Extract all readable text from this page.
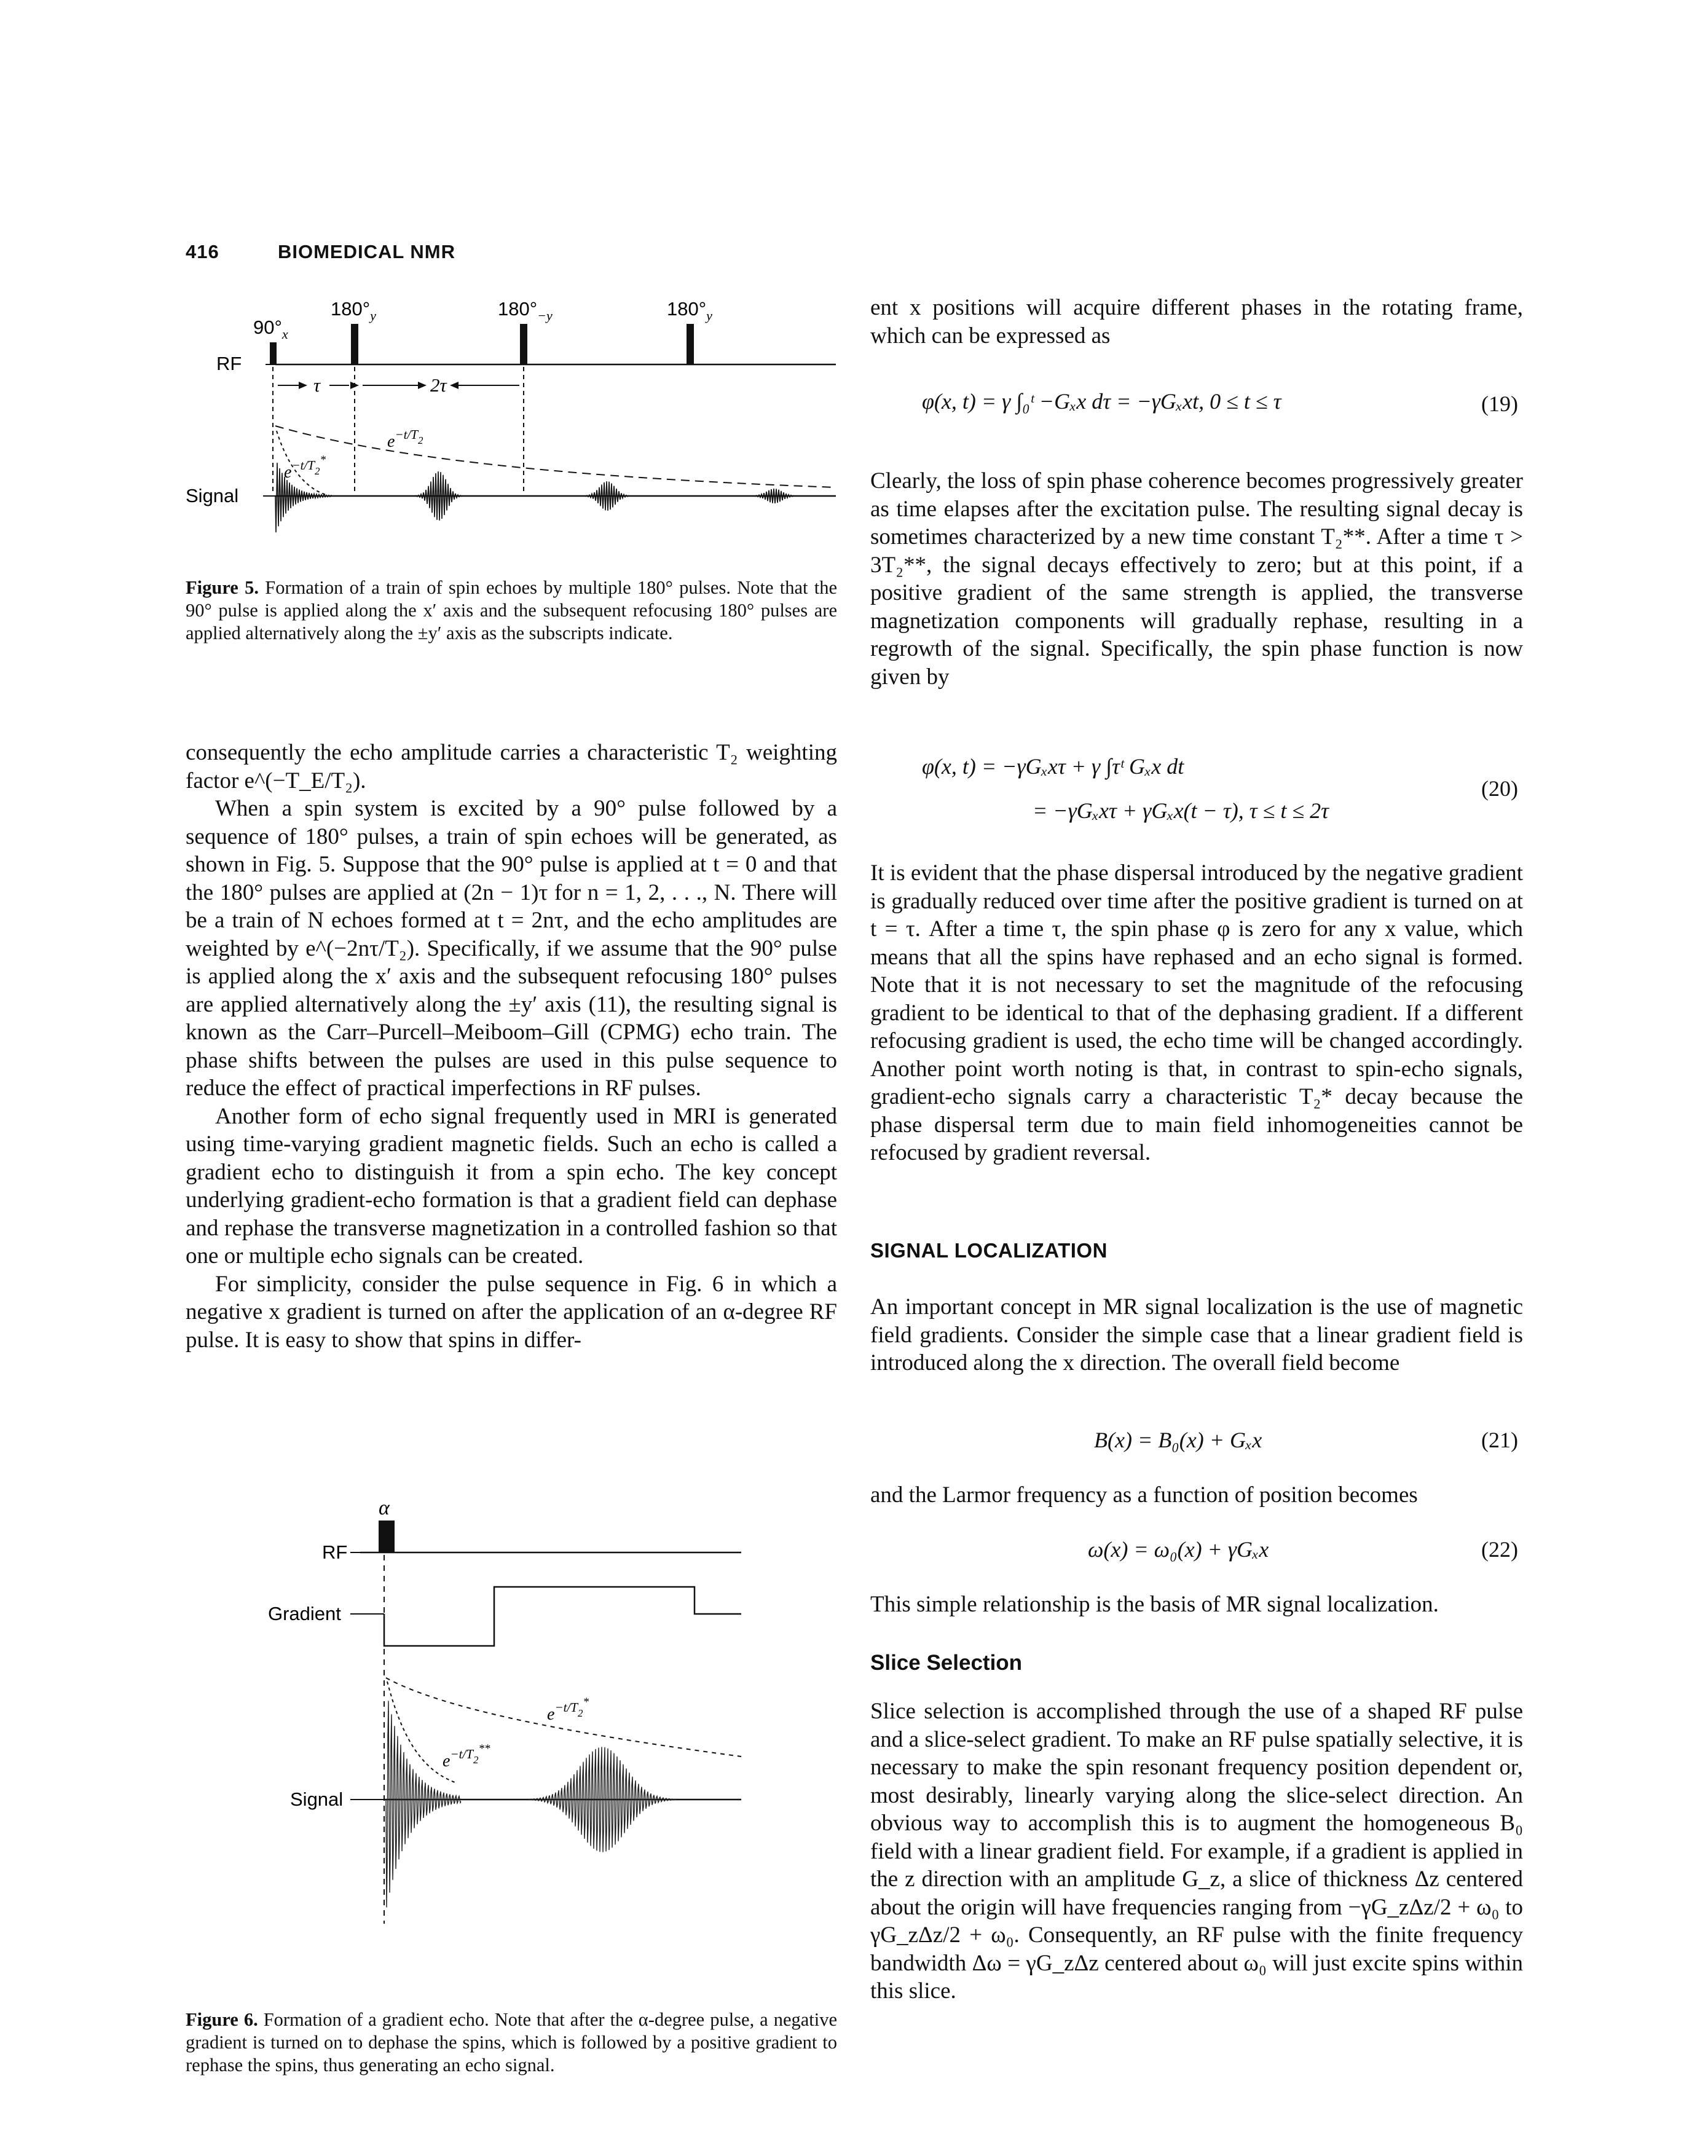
416	BIOMEDICAL NMR
RF
$90^\circ_x$
$180^\circ_y$	$180^\circ_{-y}$	$180^\circ_y$
τ	2τ
$e^{-t/T}_2$
$e^{-t/T}_2^*$
Signal

Figure 5. Formation of a train of spin echoes by multiple 180° pulses. Note that the 90° pulse is applied along the x′ axis and the subsequent refocusing 180° pulses are applied alternatively along the ±y′ axis as the subscripts indicate.

consequently the echo amplitude carries a characteristic T₂ weighting factor e^(−T_E/T₂).

When a spin system is excited by a 90° pulse followed by a sequence of 180° pulses, a train of spin echoes will be generated, as shown in Fig. 5. Suppose that the 90° pulse is applied at t = 0 and that the 180° pulses are applied at (2n − 1)τ for n = 1, 2, . . ., N. There will be a train of N echoes formed at t = 2nτ, and the echo amplitudes are weighted by e^(−2nτ/T₂). Specifically, if we assume that the 90° pulse is applied along the x′ axis and the subsequent refocusing 180° pulses are applied alternatively along the ±y′ axis (11), the resulting signal is known as the Carr–Purcell–Meiboom–Gill (CPMG) echo train. The phase shifts between the pulses are used in this pulse sequence to reduce the effect of practical imperfections in RF pulses.

Another form of echo signal frequently used in MRI is generated using time-varying gradient magnetic fields. Such an echo is called a gradient echo to distinguish it from a spin echo. The key concept underlying gradient-echo formation is that a gradient field can dephase and rephase the transverse magnetization in a controlled fashion so that one or multiple echo signals can be created.

For simplicity, consider the pulse sequence in Fig. 6 in which a negative x gradient is turned on after the application of an α-degree RF pulse. It is easy to show that spins in differ-

α
RF
Gradient
$e^{-t/T}_2^*$
$e^{-t/T}_2^{**}$
Signal

Figure 6. Formation of a gradient echo. Note that after the α-degree pulse, a negative gradient is turned on to dephase the spins, which is followed by a positive gradient to rephase the spins, thus generating an echo signal.

ent x positions will acquire different phases in the rotating frame, which can be expressed as

φ(x, t) = γ ∫₀ᵗ −Gₓx dτ = −γGₓxt, 0 ≤ t ≤ τ	(19)

Clearly, the loss of spin phase coherence becomes progressively greater as time elapses after the excitation pulse. The resulting signal decay is sometimes characterized by a new time constant T₂**. After a time τ > 3T₂**, the signal decays effectively to zero; but at this point, if a positive gradient of the same strength is applied, the transverse magnetization components will gradually rephase, resulting in a regrowth of the signal. Specifically, the spin phase function is now given by

φ(x, t) = −γGₓxτ + γ ∫τᵗ Gₓx dt
= −γGₓxτ + γGₓx(t − τ), τ ≤ t ≤ 2τ
(20)

It is evident that the phase dispersal introduced by the negative gradient is gradually reduced over time after the positive gradient is turned on at t = τ. After a time τ, the spin phase φ is zero for any x value, which means that all the spins have rephased and an echo signal is formed. Note that it is not necessary to set the magnitude of the refocusing gradient to be identical to that of the dephasing gradient. If a different refocusing gradient is used, the echo time will be changed accordingly. Another point worth noting is that, in contrast to spin-echo signals, gradient-echo signals carry a characteristic T₂* decay because the phase dispersal term due to main field inhomogeneities cannot be refocused by gradient reversal.

SIGNAL LOCALIZATION

An important concept in MR signal localization is the use of magnetic field gradients. Consider the simple case that a linear gradient field is introduced along the x direction. The overall field become

B(x) = B₀(x) + Gₓx	(21)

and the Larmor frequency as a function of position becomes

ω(x) = ω₀(x) + γGₓx	(22)

This simple relationship is the basis of MR signal localization.

Slice Selection

Slice selection is accomplished through the use of a shaped RF pulse and a slice-select gradient. To make an RF pulse spatially selective, it is necessary to make the spin resonant frequency position dependent or, most desirably, linearly varying along the slice-select direction. An obvious way to accomplish this is to augment the homogeneous B₀ field with a linear gradient field. For example, if a gradient is applied in the z direction with an amplitude G_z, a slice of thickness Δz centered about the origin will have frequencies ranging from −γG_zΔz/2 + ω₀ to γG_zΔz/2 + ω₀. Consequently, an RF pulse with the finite frequency bandwidth Δω = γG_zΔz centered about ω₀ will just excite spins within this slice.
